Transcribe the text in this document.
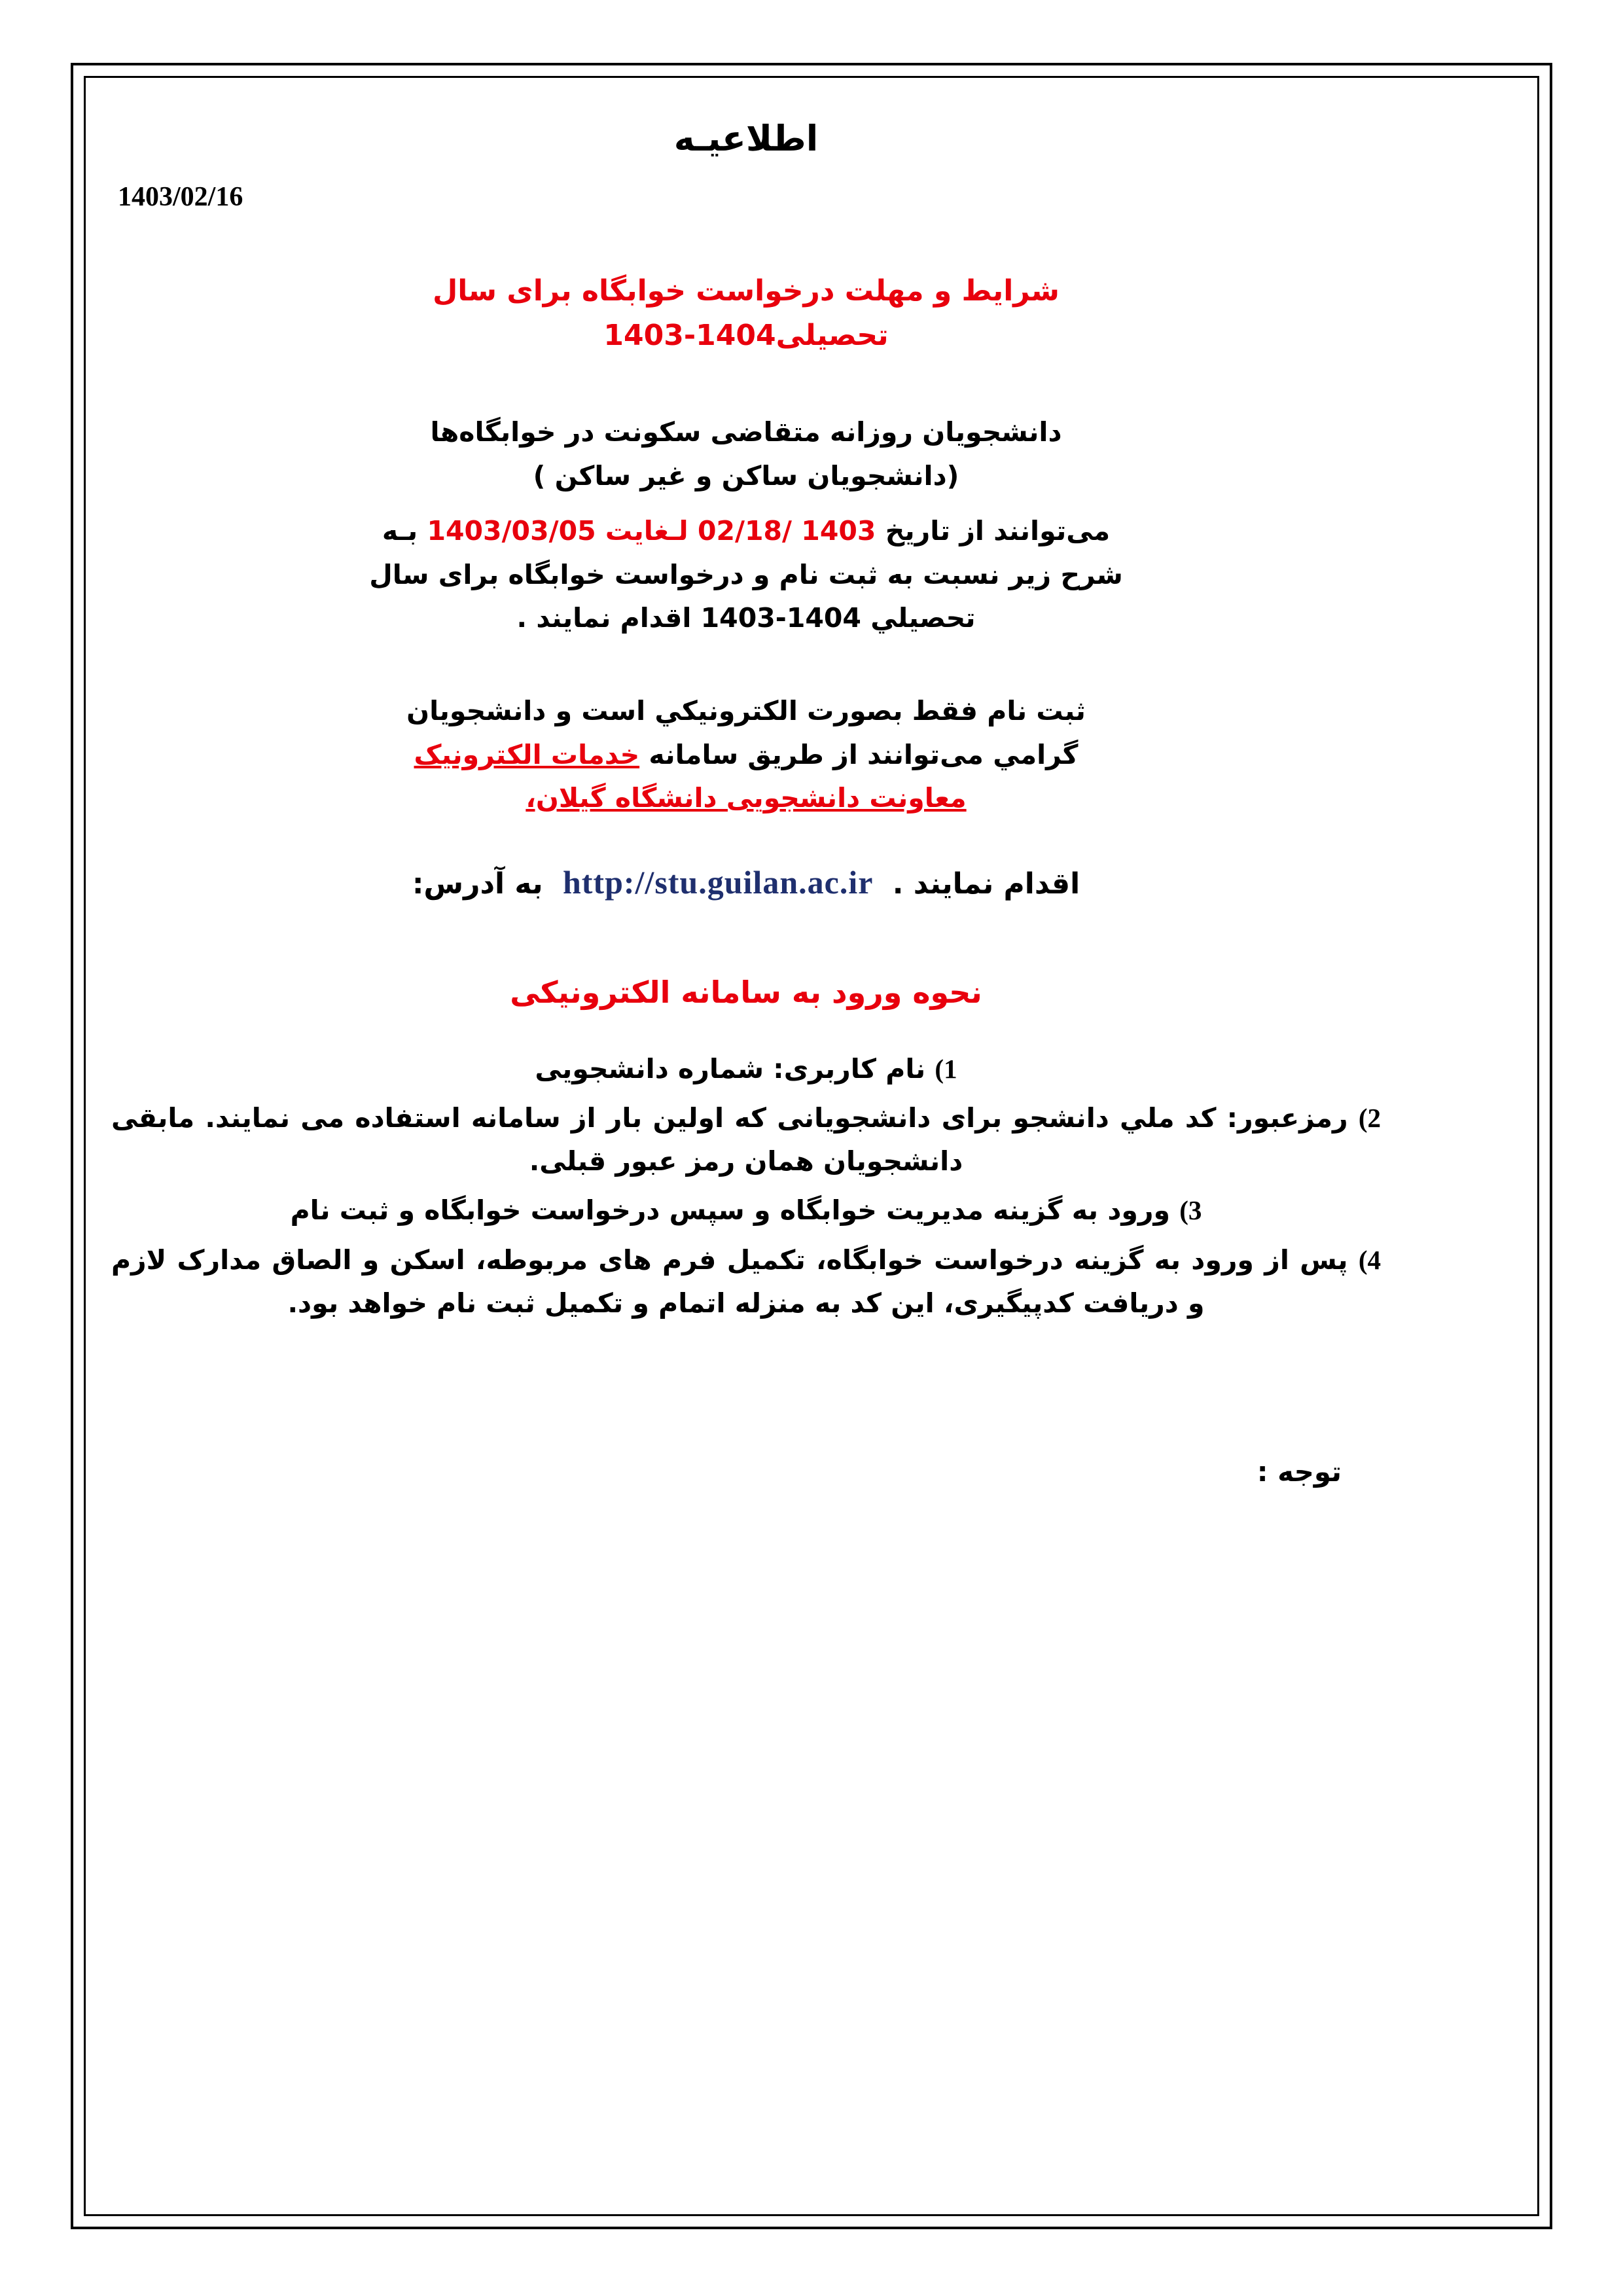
اطلاعیـه
1403/02/16
شرایط و مهلت درخواست خوابگاه برای سال
تحصیلی1404-1403
دانشجویان روزانه متقاضی سکونت در خوابگاه‌ها
(دانشجویان ساکن و غیر ساکن )
می‌توانند از تاریخ 1403 /02/18 لـغایت 1403/03/05 بـه
شرح زیر نسبت به ثبت نام و درخواست خوابگاه برای سال
تحصیلي 1404-1403 اقدام نمایند .
ثبت نام فقط بصورت الکترونیکي است و دانشجویان
گرامي می‌توانند از طریق سامانه خدمات الکترونیک
معاونت دانشجویی دانشگاه گیلان،
اقدام نمایند . http://stu.guilan.ac.ir به آدرس:
نحوه ورود به سامانه الکترونیکی
1) نام کاربری: شماره دانشجویی
2) رمزعبور: کد ملي دانشجو برای دانشجویانی که اولین بار از سامانه استفاده می نمایند. مابقی دانشجویان همان رمز عبور قبلی.
3) ورود به گزینه مدیریت خوابگاه و سپس درخواست خوابگاه و ثبت نام
4) پس از ورود به گزینه درخواست خوابگاه، تکمیل فرم های مربوطه، اسکن و الصاق مدارک لازم و دریافت کدپیگیری، این کد به منزله اتمام و تکمیل ثبت نام خواهد بود.
توجه :
